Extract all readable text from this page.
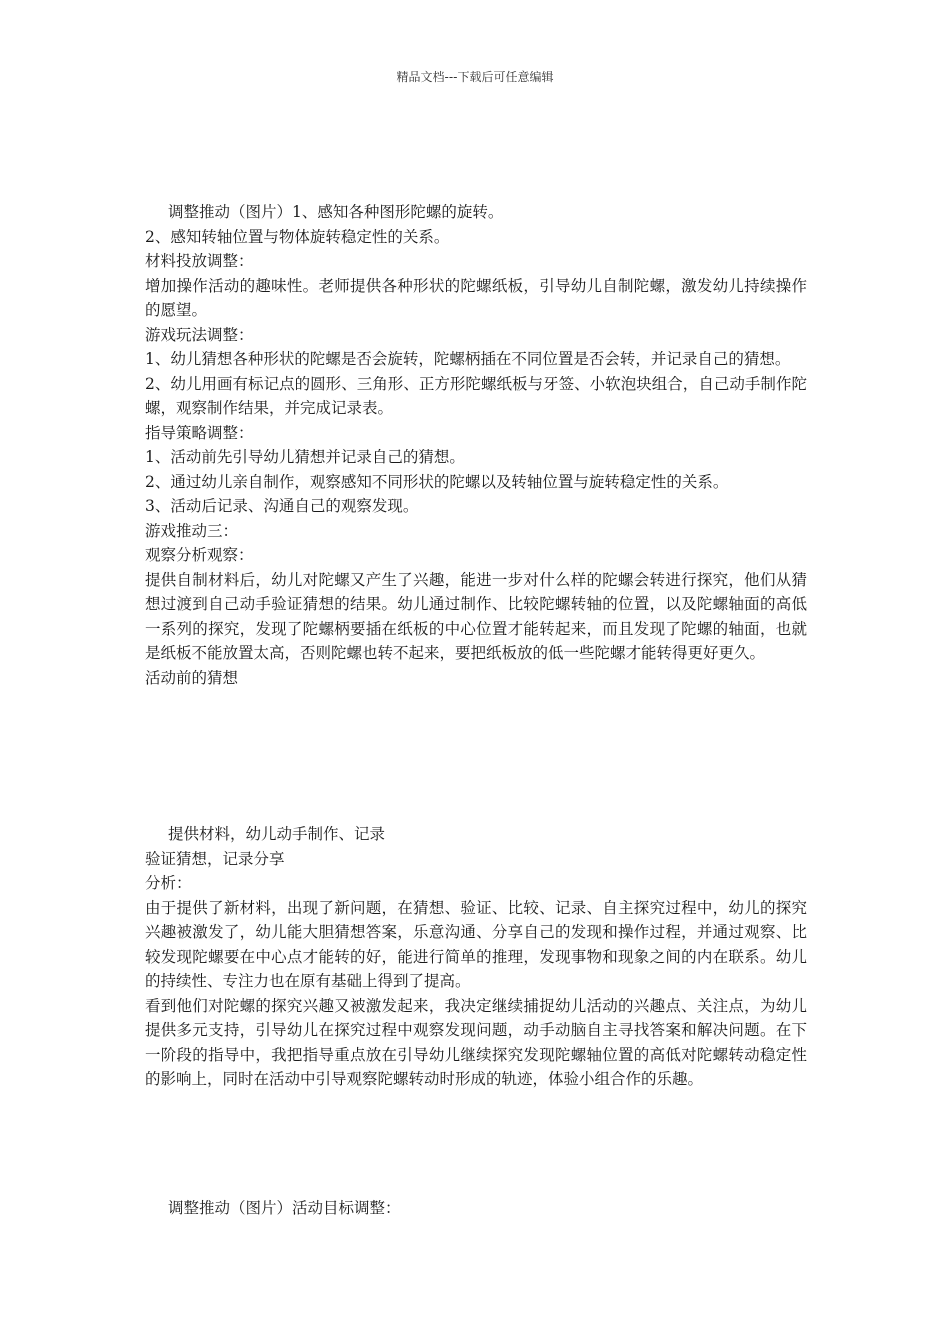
精品文档---下载后可任意编辑
调整推动（图片）1、感知各种图形陀螺的旋转。
2、感知转轴位置与物体旋转稳定性的关系。
材料投放调整：
增加操作活动的趣味性。老师提供各种形状的陀螺纸板，引导幼儿自制陀螺，激发幼儿持续操作的愿望。
游戏玩法调整：
1、幼儿猜想各种形状的陀螺是否会旋转，陀螺柄插在不同位置是否会转，并记录自己的猜想。
2、幼儿用画有标记点的圆形、三角形、正方形陀螺纸板与牙签、小软泡块组合，自己动手制作陀螺，观察制作结果，并完成记录表。
指导策略调整：
1、活动前先引导幼儿猜想并记录自己的猜想。
2、通过幼儿亲自制作，观察感知不同形状的陀螺以及转轴位置与旋转稳定性的关系。
3、活动后记录、沟通自己的观察发现。
游戏推动三：
观察分析观察：
提供自制材料后，幼儿对陀螺又产生了兴趣，能进一步对什么样的陀螺会转进行探究，他们从猜想过渡到自己动手验证猜想的结果。幼儿通过制作、比较陀螺转轴的位置，以及陀螺轴面的高低一系列的探究，发现了陀螺柄要插在纸板的中心位置才能转起来，而且发现了陀螺的轴面，也就是纸板不能放置太高，否则陀螺也转不起来，要把纸板放的低一些陀螺才能转得更好更久。
活动前的猜想
提供材料，幼儿动手制作、记录
验证猜想，记录分享
分析：
由于提供了新材料，出现了新问题，在猜想、验证、比较、记录、自主探究过程中，幼儿的探究兴趣被激发了，幼儿能大胆猜想答案，乐意沟通、分享自己的发现和操作过程，并通过观察、比较发现陀螺要在中心点才能转的好，能进行简单的推理，发现事物和现象之间的内在联系。幼儿的持续性、专注力也在原有基础上得到了提高。
看到他们对陀螺的探究兴趣又被激发起来，我决定继续捕捉幼儿活动的兴趣点、关注点，为幼儿提供多元支持，引导幼儿在探究过程中观察发现问题，动手动脑自主寻找答案和解决问题。在下一阶段的指导中，我把指导重点放在引导幼儿继续探究发现陀螺轴位置的高低对陀螺转动稳定性的影响上，同时在活动中引导观察陀螺转动时形成的轨迹，体验小组合作的乐趣。
调整推动（图片）活动目标调整：
